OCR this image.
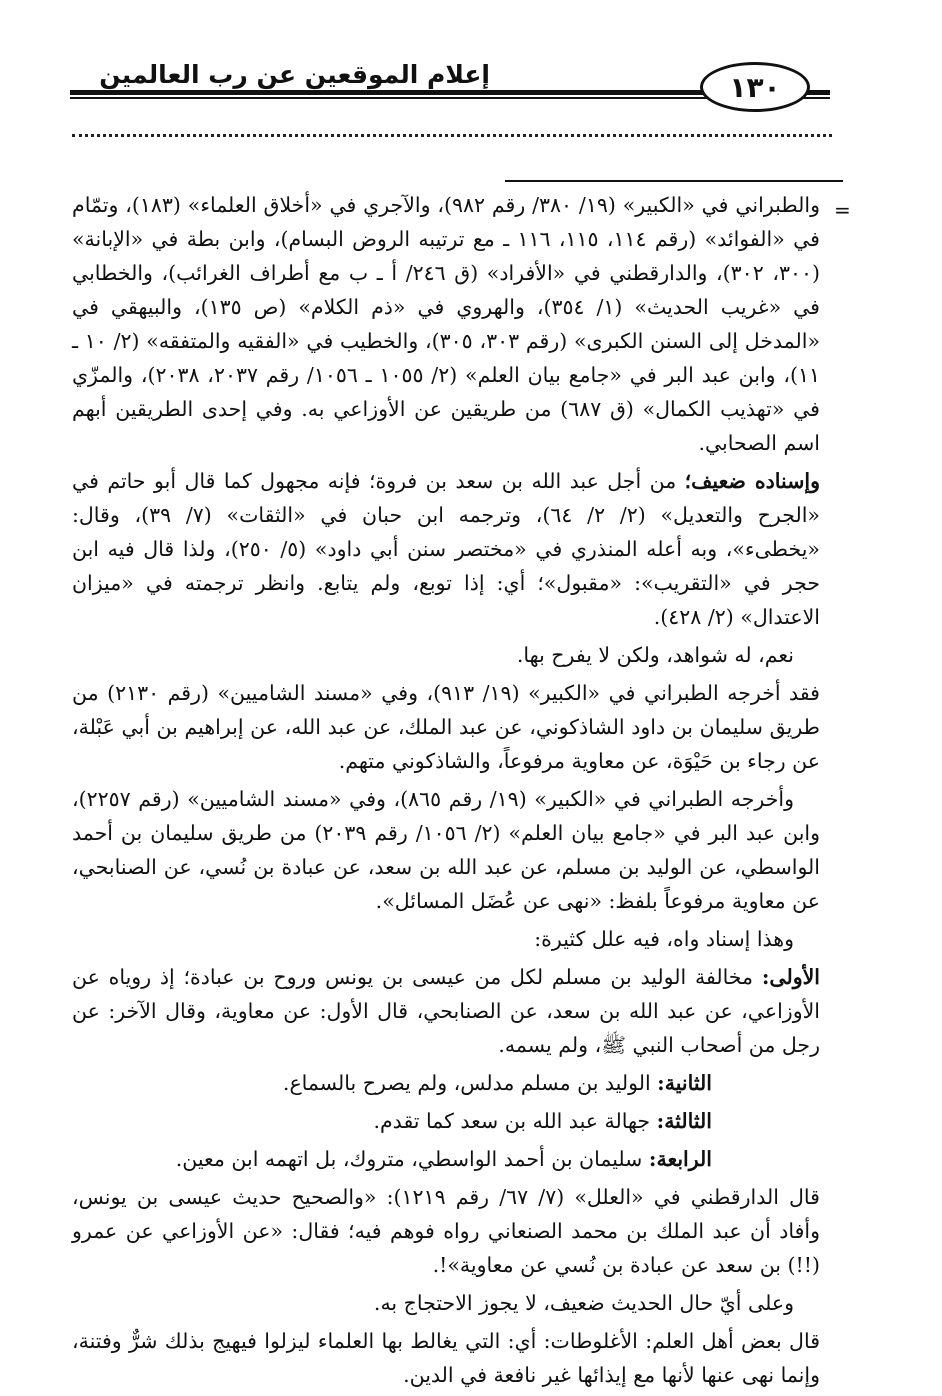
إعلام الموقعين عن رب العالمين	١٣٠
=

والطبراني في «الكبير» (١٩/ ٣٨٠/ رقم ٩٨٢)، والآجري في «أخلاق العلماء» (١٨٣)، وتمّام في «الفوائد» (رقم ١١٤، ١١٥، ١١٦ ـ مع ترتيبه الروض البسام)، وابن بطة في «الإبانة» (٣٠٠، ٣٠٢)، والدارقطني في «الأفراد» (ق ٢٤٦/ أ ـ ب مع أطراف الغرائب)، والخطابي في «غريب الحديث» (١/ ٣٥٤)، والهروي في «ذم الكلام» (ص ١٣٥)، والبيهقي في «المدخل إلى السنن الكبرى» (رقم ٣٠٣، ٣٠٥)، والخطيب في «الفقيه والمتفقه» (٢/ ١٠ ـ ١١)، وابن عبد البر في «جامع بيان العلم» (٢/ ١٠٥٥ ـ ١٠٥٦/ رقم ٢٠٣٧، ٢٠٣٨)، والمزّي في «تهذيب الكمال» (ق ٦٨٧) من طريقين عن الأوزاعي به. وفي إحدى الطريقين أبهم اسم الصحابي.

وإسناده ضعيف؛ من أجل عبد الله بن سعد بن فروة؛ فإنه مجهول كما قال أبو حاتم في «الجرح والتعديل» (٢/ ٢/ ٦٤)، وترجمه ابن حبان في «الثقات» (٧/ ٣٩)، وقال: «يخطىء»، وبه أعله المنذري في «مختصر سنن أبي داود» (٥/ ٢٥٠)، ولذا قال فيه ابن حجر في «التقريب»: «مقبول»؛ أي: إذا توبع، ولم يتابع. وانظر ترجمته في «ميزان الاعتدال» (٢/ ٤٢٨).

نعم، له شواهد، ولكن لا يفرح بها.

فقد أخرجه الطبراني في «الكبير» (١٩/ ٩١٣)، وفي «مسند الشاميين» (رقم ٢١٣٠) من طريق سليمان بن داود الشاذكوني، عن عبد الملك، عن عبد الله، عن إبراهيم بن أبي عَبْلة، عن رجاء بن حَيْوَة، عن معاوية مرفوعاً، والشاذكوني متهم.

وأخرجه الطبراني في «الكبير» (١٩/ رقم ٨٦٥)، وفي «مسند الشاميين» (رقم ٢٢٥٧)، وابن عبد البر في «جامع بيان العلم» (٢/ ١٠٥٦/ رقم ٢٠٣٩) من طريق سليمان بن أحمد الواسطي، عن الوليد بن مسلم، عن عبد الله بن سعد، عن عبادة بن نُسي، عن الصنابحي، عن معاوية مرفوعاً بلفظ: «نهى عن عُضَل المسائل».

وهذا إسناد واه، فيه علل كثيرة:

الأولى: مخالفة الوليد بن مسلم لكل من عيسى بن يونس وروح بن عبادة؛ إذ روياه عن الأوزاعي، عن عبد الله بن سعد، عن الصنابحي، قال الأول: عن معاوية، وقال الآخر: عن رجل من أصحاب النبي ﷺ، ولم يسمه.

الثانية: الوليد بن مسلم مدلس، ولم يصرح بالسماع.

الثالثة: جهالة عبد الله بن سعد كما تقدم.

الرابعة: سليمان بن أحمد الواسطي، متروك، بل اتهمه ابن معين.

قال الدارقطني في «العلل» (٧/ ٦٧/ رقم ١٢١٩): «والصحيح حديث عيسى بن يونس، وأفاد أن عبد الملك بن محمد الصنعاني رواه فوهم فيه؛ فقال: «عن الأوزاعي عن عمرو (!!) بن سعد عن عبادة بن نُسي عن معاوية»!.

وعلى أيّ حال الحديث ضعيف، لا يجوز الاحتجاج به.

قال بعض أهل العلم: الأغلوطات: أي: التي يغالط بها العلماء ليزلوا فيهيج بذلك شرٌّ وفتنة، وإنما نهى عنها لأنها مع إيذائها غير نافعة في الدين.
